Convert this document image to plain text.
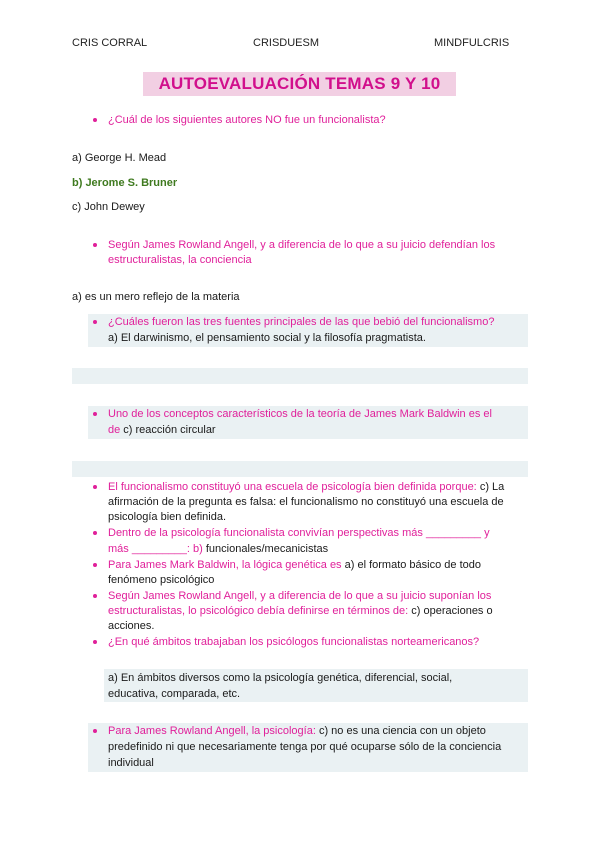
CRIS CORRAL	CRISDUESM	MINDFULCRIS
AUTOEVALUACIÓN TEMAS 9 Y 10
¿Cuál de los siguientes autores NO fue un funcionalista?
a) George H. Mead
b) Jerome S. Bruner
c) John Dewey
Según James Rowland Angell, y a diferencia de lo que a su juicio defendían los
estructuralistas, la conciencia
a) es un mero reflejo de la materia
¿Cuáles fueron las tres fuentes principales de las que bebió del funcionalismo?
a) El darwinismo, el pensamiento social y la filosofía pragmatista.
Uno de los conceptos característicos de la teoría de James Mark Baldwin es el
de c) reacción circular
El funcionalismo constituyó una escuela de psicología bien definida porque: c) La
afirmación de la pregunta es falsa: el funcionalismo no constituyó una escuela de
psicología bien definida.
Dentro de la psicología funcionalista convivían perspectivas más _________ y
más _________: b) funcionales/mecanicistas
Para James Mark Baldwin, la lógica genética es a) el formato básico de todo
fenómeno psicológico
Según James Rowland Angell, y a diferencia de lo que a su juicio suponían los
estructuralistas, lo psicológico debía definirse en términos de: c) operaciones o
acciones.
¿En qué ámbitos trabajaban los psicólogos funcionalistas norteamericanos?
a) En ámbitos diversos como la psicología genética, diferencial, social,
educativa, comparada, etc.
Para James Rowland Angell, la psicología: c) no es una ciencia con un objeto
predefinido ni que necesariamente tenga por qué ocuparse sólo de la conciencia
individual
